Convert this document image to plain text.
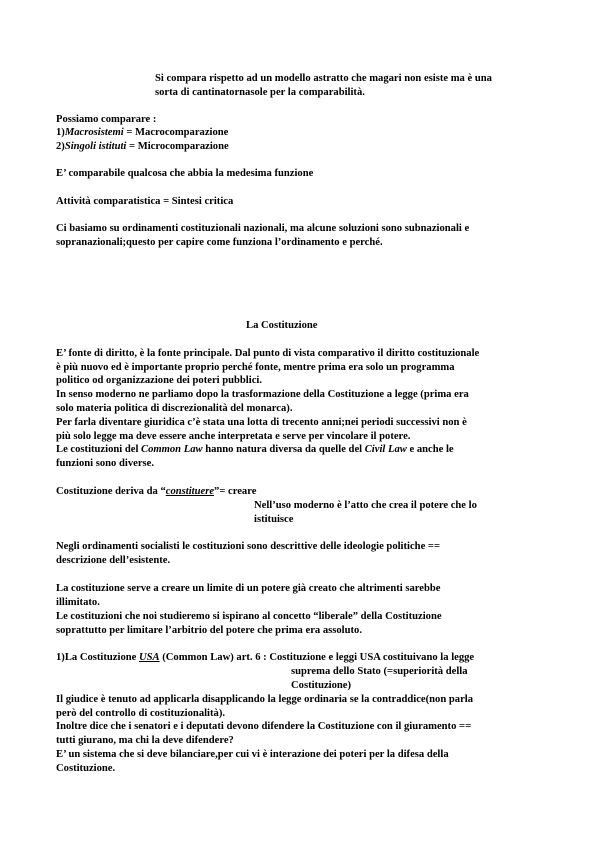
Si compara rispetto ad un modello astratto che magari non esiste ma è una
sorta di cantinatornasole per la comparabilità.
Possiamo comparare :
1)Macrosistemi = Macrocomparazione
2)Singoli istituti = Microcomparazione
E’ comparabile qualcosa che abbia la medesima funzione
Attività comparatistica = Sintesi critica
Ci basiamo su ordinamenti costituzionali nazionali, ma alcune soluzioni sono subnazionali e
sopranazionali;questo per capire come funziona l’ordinamento e perché.
La Costituzione
E’ fonte di diritto, è la fonte principale. Dal punto di vista comparativo il diritto costituzionale
è più nuovo ed è importante proprio perché fonte, mentre prima era solo un programma
politico od organizzazione dei poteri pubblici.
In senso moderno ne parliamo dopo la trasformazione della Costituzione a legge (prima era
solo materia politica di discrezionalità del monarca).
Per farla diventare giuridica c’è stata una lotta di trecento anni;nei periodi successivi non è
più solo legge ma deve essere anche interpretata e serve per vincolare il potere.
Le costituzioni del Common Law hanno natura diversa da quelle del Civil Law e anche le
funzioni sono diverse.
Costituzione deriva da “constituere”= creare
Nell’uso moderno è l’atto che crea il potere che lo
istituisce
Negli ordinamenti socialisti le costituzioni sono descrittive delle ideologie politiche ==
descrizione dell’esistente.
La costituzione serve a creare un limite di un potere già creato che altrimenti sarebbe
illimitato.
Le costituzioni che noi studieremo si ispirano al concetto “liberale” della Costituzione
soprattutto per limitare l’arbitrio del potere che prima era assoluto.
1)La Costituzione USA (Common Law) art. 6 : Costituzione e leggi USA costituivano la legge
suprema dello Stato (=superiorità della
Costituzione)
Il giudice è tenuto ad applicarla disapplicando la legge ordinaria se la contraddice(non parla
però del controllo di costituzionalità).
Inoltre dice che i senatori e i deputati devono difendere la Costituzione con il giuramento ==
tutti giurano, ma chi la deve difendere?
E’ un sistema che si deve bilanciare,per cui vi è interazione dei poteri per la difesa della
Costituzione.
